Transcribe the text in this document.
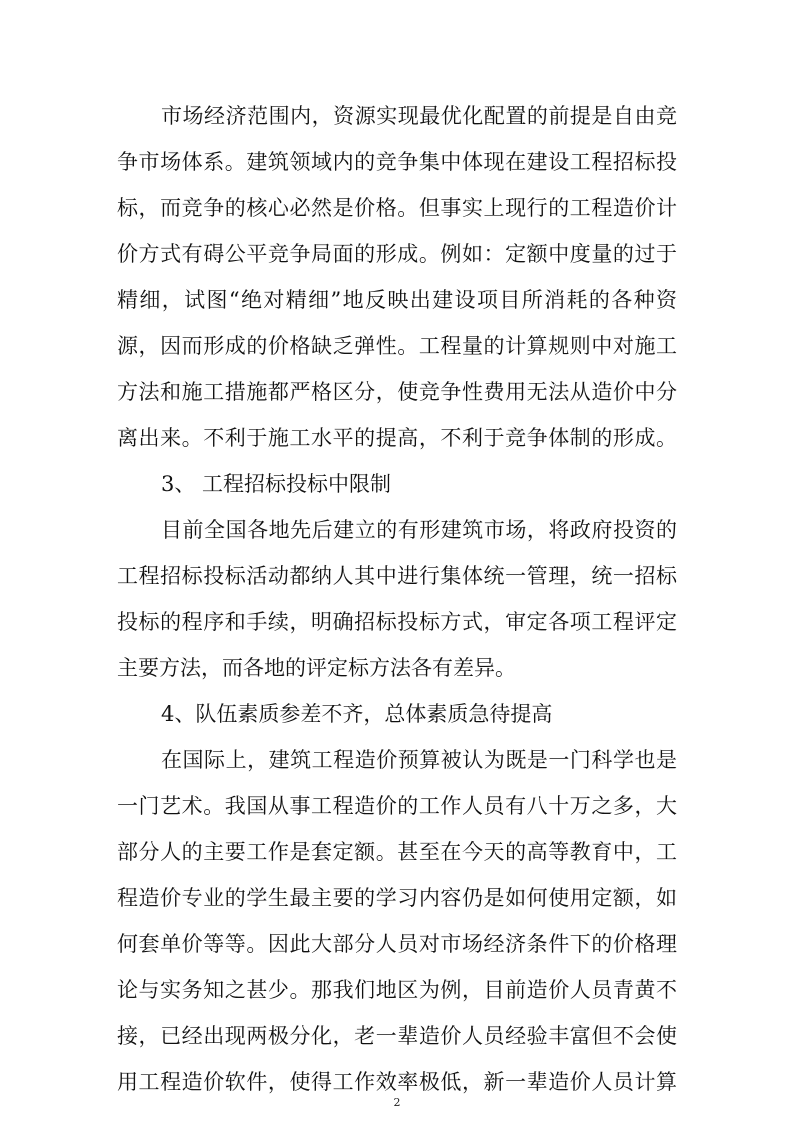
市场经济范围内，资源实现最优化配置的前提是自由竞
争市场体系。建筑领域内的竞争集中体现在建设工程招标投
标，而竞争的核心必然是价格。但事实上现行的工程造价计
价方式有碍公平竞争局面的形成。例如：定额中度量的过于
精细，试图“绝对精细”地反映出建设项目所消耗的各种资
源，因而形成的价格缺乏弹性。工程量的计算规则中对施工
方法和施工措施都严格区分，使竞争性费用无法从造价中分
离出来。不利于施工水平的提高，不利于竞争体制的形成。
3、 工程招标投标中限制
目前全国各地先后建立的有形建筑市场，将政府投资的
工程招标投标活动都纳人其中进行集体统一管理，统一招标
投标的程序和手续，明确招标投标方式，审定各项工程评定
主要方法，而各地的评定标方法各有差异。
4、队伍素质参差不齐，总体素质急待提高
在国际上，建筑工程造价预算被认为既是一门科学也是
一门艺术。我国从事工程造价的工作人员有八十万之多，大
部分人的主要工作是套定额。甚至在今天的高等教育中，工
程造价专业的学生最主要的学习内容仍是如何使用定额，如
何套单价等等。因此大部分人员对市场经济条件下的价格理
论与实务知之甚少。那我们地区为例，目前造价人员青黄不
接，已经出现两极分化，老一辈造价人员经验丰富但不会使
用工程造价软件，使得工作效率极低，新一辈造价人员计算
2
